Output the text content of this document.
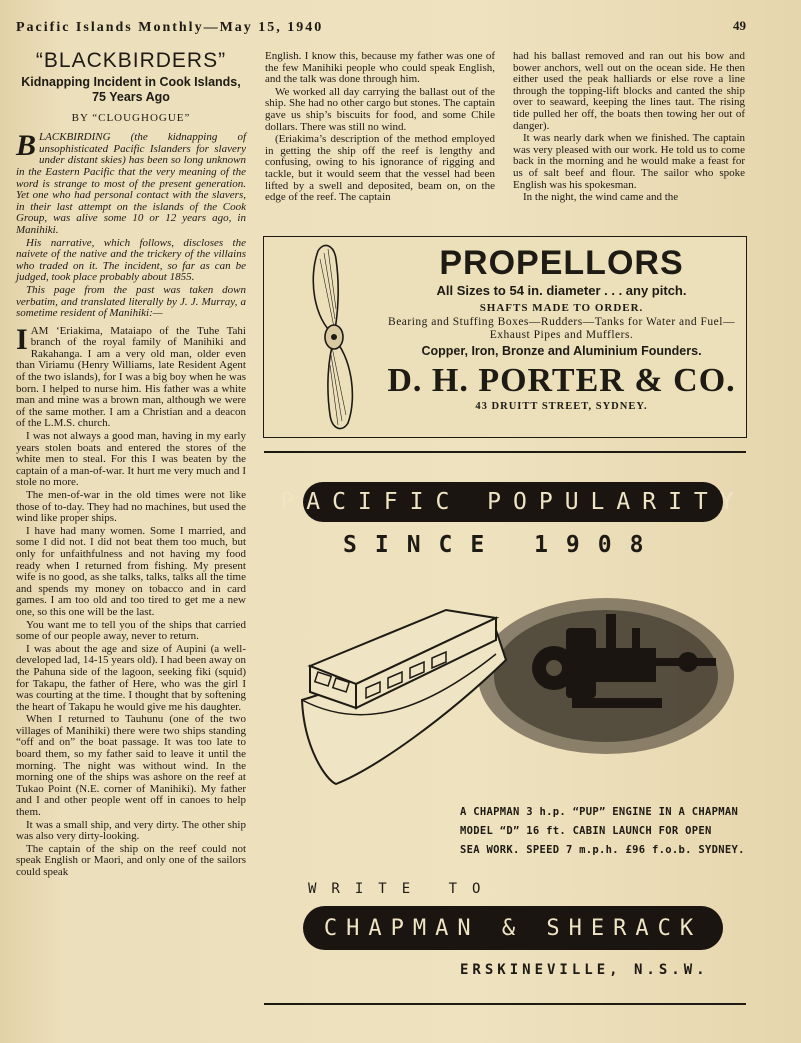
Pacific Islands Monthly—May 15, 1940	49
“BLACKBIRDERS”
Kidnapping Incident in Cook Islands, 75 Years Ago
BY “CLOUGHOGUE”

BLACKBIRDING (the kidnapping of unsophisticated Pacific Islanders for slavery under distant skies) has been so long unknown in the Eastern Pacific that the very meaning of the word is strange to most of the present generation. Yet one who had personal contact with the slavers, in their last attempt on the islands of the Cook Group, was alive some 10 or 12 years ago, in Manihiki.

His narrative, which follows, discloses the naivete of the native and the trickery of the villains who traded on it. The incident, so far as can be judged, took place probably about 1855.

This page from the past was taken down verbatim, and translated literally by J. J. Murray, a sometime resident of Manihiki:—

IAM ‘Eriakima, Mataiapo of the Tuhe Tahi branch of the royal family of Manihiki and Rakahanga. I am a very old man, older even than Viriamu (Henry Williams, late Resident Agent of the two islands), for I was a big boy when he was born. I helped to nurse him. His father was a white man and mine was a brown man, although we were of the same mother. I am a Christian and a deacon of the L.M.S. church.

I was not always a good man, having in my early years stolen boats and entered the stores of the white men to steal. For this I was beaten by the captain of a man-of-war. It hurt me very much and I stole no more.

The men-of-war in the old times were not like those of to-day. They had no machines, but used the wind like proper ships.

I have had many women. Some I married, and some I did not. I did not beat them too much, but only for unfaithfulness and not having my food ready when I returned from fishing. My present wife is no good, as she talks, talks, talks all the time and spends my money on tobacco and in card games. I am too old and too tired to get me a new one, so this one will be the last.

You want me to tell you of the ships that carried some of our people away, never to return.

I was about the age and size of Aupini (a well-developed lad, 14-15 years old). I had been away on the Pahuna side of the lagoon, seeking fiki (squid) for Takapu, the father of Here, who was the girl I was courting at the time. I thought that by softening the heart of Takapu he would give me his daughter.

When I returned to Tauhunu (one of the two villages of Manihiki) there were two ships standing “off and on” the boat passage. It was too late to board them, so my father said to leave it until the morning. The night was without wind. In the morning one of the ships was ashore on the reef at Tukao Point (N.E. corner of Manihiki). My father and I and other people went off in canoes to help them.

It was a small ship, and very dirty. The other ship was also very dirty-looking.

The captain of the ship on the reef could not speak English or Maori, and only one of the sailors could speak

English. I know this, because my father was one of the few Manihiki people who could speak English, and the talk was done through him.

We worked all day carrying the ballast out of the ship. She had no other cargo but stones. The captain gave us ship’s biscuits for food, and some Chile dollars. There was still no wind.

(Eriakima’s description of the method employed in getting the ship off the reef is lengthy and confusing, owing to his ignorance of rigging and tackle, but it would seem that the vessel had been lifted by a swell and deposited, beam on, on the edge of the reef. The captain

had his ballast removed and ran out his bow and bower anchors, well out on the ocean side. He then either used the peak halliards or else rove a line through the topping-lift blocks and canted the ship over to seaward, keeping the lines taut. The rising tide pulled her off, the boats then towing her out of danger).

It was nearly dark when we finished. The captain was very pleased with our work. He told us to come back in the morning and he would make a feast for us of salt beef and flour. The sailor who spoke English was his spokesman.

In the night, the wind came and the

PROPELLORS
All Sizes to 54 in. diameter . . . any pitch.
SHAFTS MADE TO ORDER.
Bearing and Stuffing Boxes—Rudders—Tanks for Water and Fuel—Exhaust Pipes and Mufflers.
Copper, Iron, Bronze and Aluminium Founders.
D. H. PORTER & CO.
43 DRUITT STREET, SYDNEY.
PACIFIC POPULARITY
SINCE 1908
A CHAPMAN 3 h.p. “PUP” ENGINE IN A CHAPMAN
MODEL “D” 16 ft. CABIN LAUNCH FOR OPEN
SEA WORK. SPEED 7 m.p.h. £96 f.o.b. SYDNEY.
WRITE TO
CHAPMAN & SHERACK
ERSKINEVILLE, N.S.W.
